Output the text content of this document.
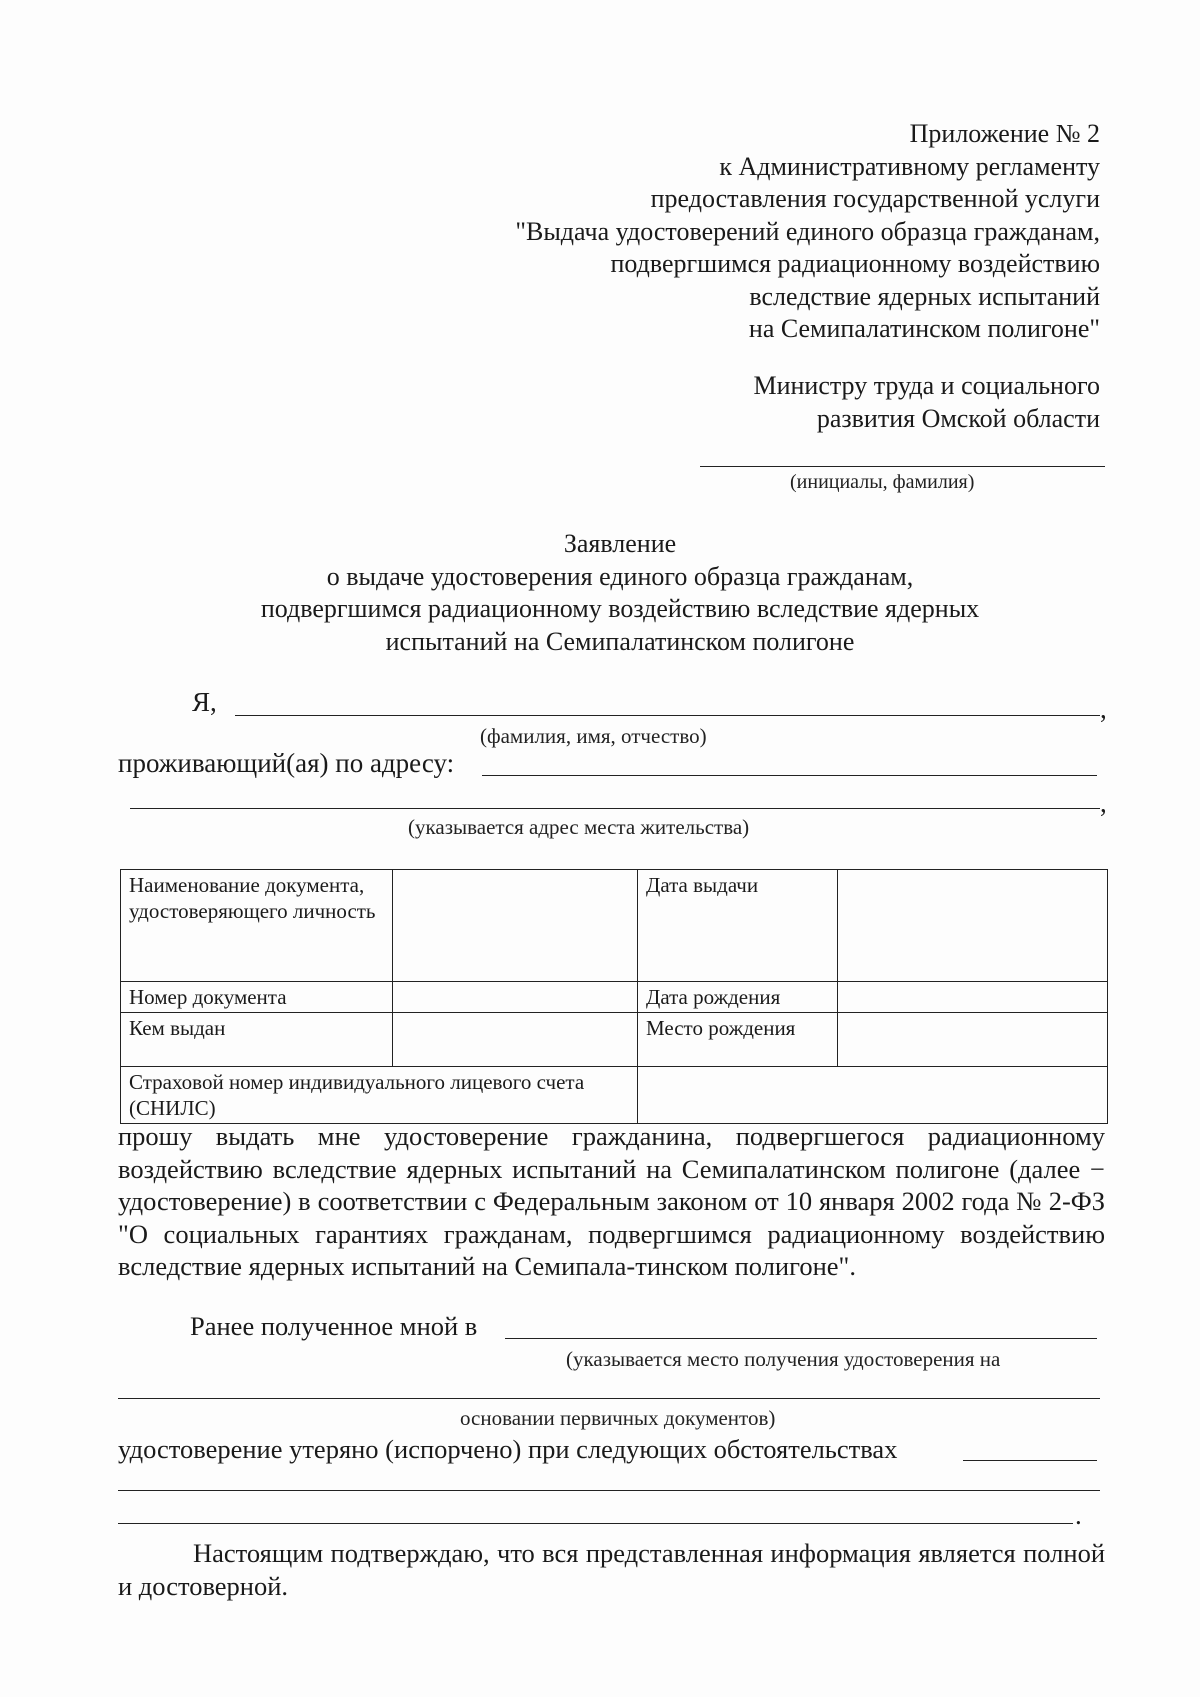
Приложение № 2
к Административному регламенту
предоставления государственной услуги
"Выдача удостоверений единого образца гражданам,
подвергшимся радиационному воздействию
вследствие ядерных испытаний
на Семипалатинском полигоне"
Министру труда и социального
развития Омской области
(инициалы, фамилия)
Заявление
о выдаче удостоверения единого образца гражданам,
подвергшимся радиационному воздействию вследствие ядерных
испытаний на Семипалатинском полигоне
Я,	,
(фамилия, имя, отчество)
проживающий(ая) по адресу:
,
(указывается адрес места жительства)
Наименование документа, удостоверяющего личность		Дата выдачи	
Номер документа		Дата рождения	
Кем выдан		Место рождения	
Страховой номер индивидуального лицевого счета (СНИЛС)			
прошу выдать мне удостоверение гражданина, подвергшегося радиационному воздействию вследствие ядерных испытаний на Семипалатинском полигоне (далее − удостоверение) в соответствии с Федеральным законом от 10 января 2002 года № 2-ФЗ "О социальных гарантиях гражданам, подвергшимся радиационному воздействию вследствие ядерных испытаний на Семипала-тинском полигоне".
Ранее полученное мной в
(указывается место получения удостоверения на
основании первичных документов)
удостоверение утеряно (испорчено) при следующих обстоятельствах
.
Настоящим подтверждаю, что вся представленная информация является полной и достоверной.
